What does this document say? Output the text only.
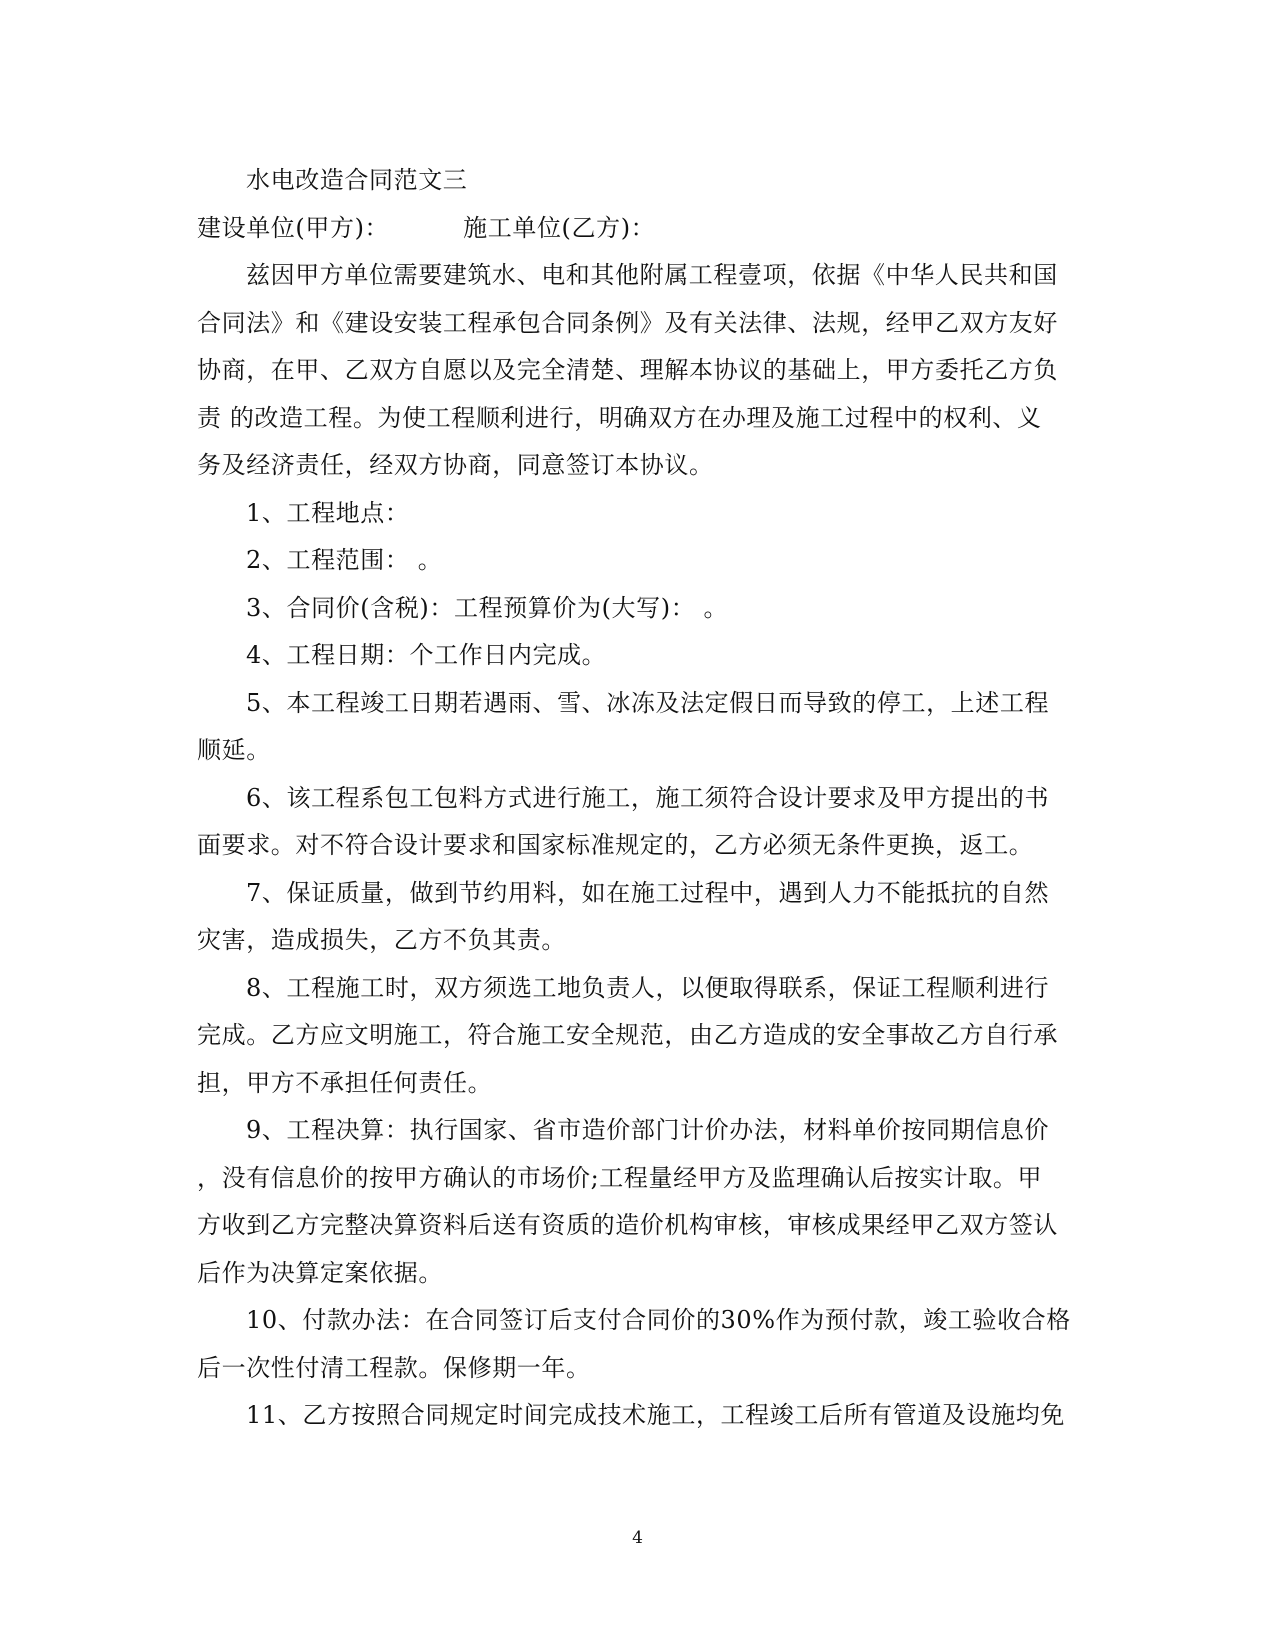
水电改造合同范文三
建设单位(甲方)：	施工单位(乙方)：
兹因甲方单位需要建筑水、电和其他附属工程壹项，依据《中华人民共和国
合同法》和《建设安装工程承包合同条例》及有关法律、法规，经甲乙双方友好
协商，在甲、乙双方自愿以及完全清楚、理解本协议的基础上，甲方委托乙方负
责 的改造工程。为使工程顺利进行，明确双方在办理及施工过程中的权利、义
务及经济责任，经双方协商，同意签订本协议。
1、工程地点：
2、工程范围： 。
3、合同价(含税)：工程预算价为(大写)： 。
4、工程日期：个工作日内完成。
5、本工程竣工日期若遇雨、雪、冰冻及法定假日而导致的停工，上述工程
顺延。
6、该工程系包工包料方式进行施工，施工须符合设计要求及甲方提出的书
面要求。对不符合设计要求和国家标准规定的，乙方必须无条件更换，返工。
7、保证质量，做到节约用料，如在施工过程中，遇到人力不能抵抗的自然
灾害，造成损失，乙方不负其责。
8、工程施工时，双方须选工地负责人，以便取得联系，保证工程顺利进行
完成。乙方应文明施工，符合施工安全规范，由乙方造成的安全事故乙方自行承
担，甲方不承担任何责任。
9、工程决算：执行国家、省市造价部门计价办法，材料单价按同期信息价
，没有信息价的按甲方确认的市场价;工程量经甲方及监理确认后按实计取。甲
方收到乙方完整决算资料后送有资质的造价机构审核，审核成果经甲乙双方签认
后作为决算定案依据。
10、付款办法：在合同签订后支付合同价的30%作为预付款，竣工验收合格
后一次性付清工程款。保修期一年。
11、乙方按照合同规定时间完成技术施工，工程竣工后所有管道及设施均免
4
